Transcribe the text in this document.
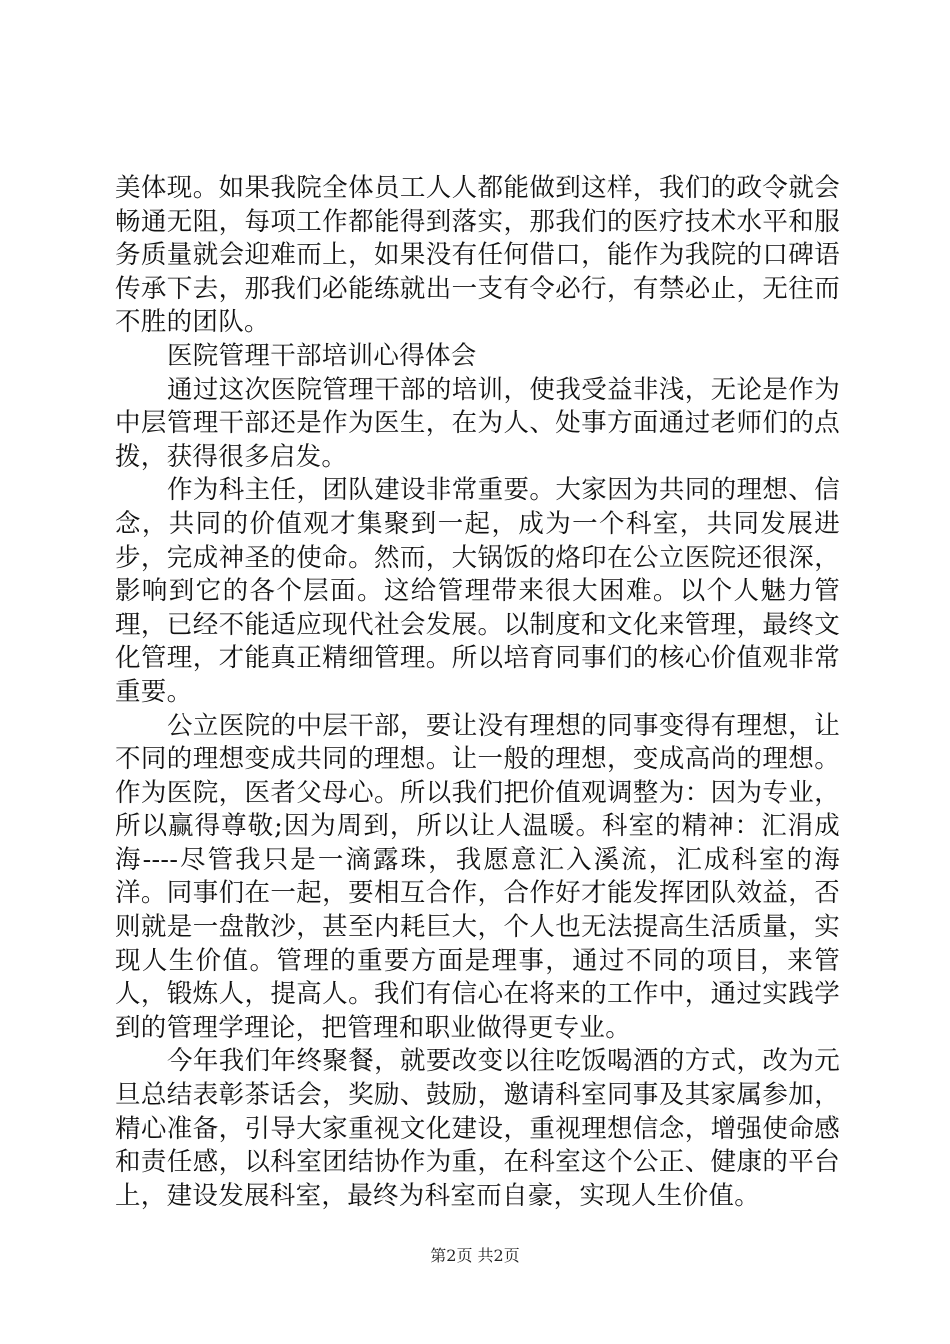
美体现。如果我院全体员工人人都能做到这样，我们的政令就会畅通无阻，每项工作都能得到落实，那我们的医疗技术水平和服务质量就会迎难而上，如果没有任何借口，能作为我院的口碑语传承下去，那我们必能练就出一支有令必行，有禁必止，无往而不胜的团队。

医院管理干部培训心得体会

通过这次医院管理干部的培训，使我受益非浅，无论是作为中层管理干部还是作为医生，在为人、处事方面通过老师们的点拨，获得很多启发。

作为科主任，团队建设非常重要。大家因为共同的理想、信念，共同的价值观才集聚到一起，成为一个科室，共同发展进步，完成神圣的使命。然而，大锅饭的烙印在公立医院还很深，影响到它的各个层面。这给管理带来很大困难。以个人魅力管理，已经不能适应现代社会发展。以制度和文化来管理，最终文化管理，才能真正精细管理。所以培育同事们的核心价值观非常重要。

公立医院的中层干部，要让没有理想的同事变得有理想，让不同的理想变成共同的理想。让一般的理想，变成高尚的理想。作为医院，医者父母心。所以我们把价值观调整为：因为专业，所以赢得尊敬;因为周到，所以让人温暖。科室的精神：汇涓成海----尽管我只是一滴露珠，我愿意汇入溪流，汇成科室的海洋。同事们在一起，要相互合作，合作好才能发挥团队效益，否则就是一盘散沙，甚至内耗巨大，个人也无法提高生活质量，实现人生价值。管理的重要方面是理事，通过不同的项目，来管人，锻炼人，提高人。我们有信心在将来的工作中，通过实践学到的管理学理论，把管理和职业做得更专业。

今年我们年终聚餐，就要改变以往吃饭喝酒的方式，改为元旦总结表彰茶话会，奖励、鼓励，邀请科室同事及其家属参加，精心准备，引导大家重视文化建设，重视理想信念，增强使命感和责任感，以科室团结协作为重，在科室这个公正、健康的平台上，建设发展科室，最终为科室而自豪，实现人生价值。

第2页 共2页
